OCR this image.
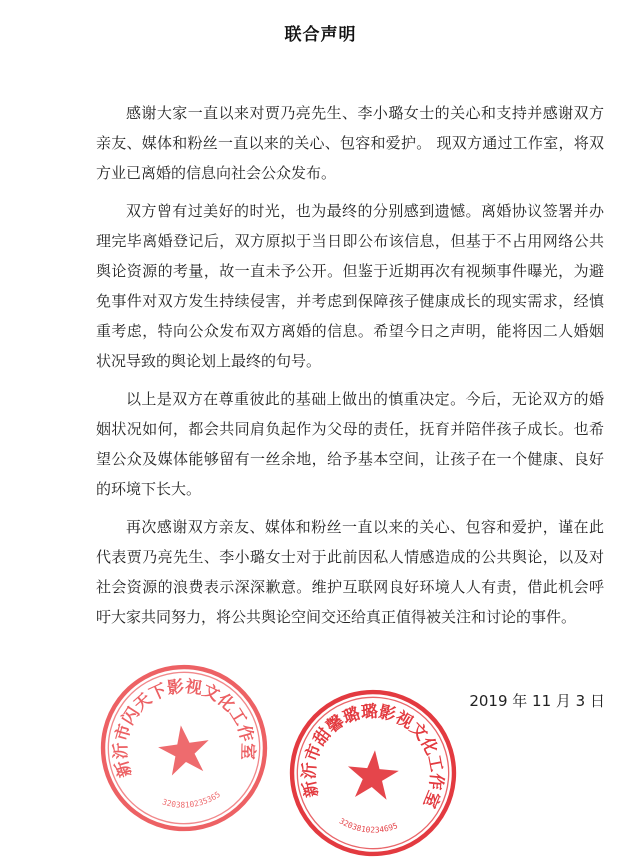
联合声明

感谢大家一直以来对贾乃亮先生、李小璐女士的关心和支持并感谢双方亲友、媒体和粉丝一直以来的关心、包容和爱护。 现双方通过工作室，将双方业已离婚的信息向社会公众发布。

双方曾有过美好的时光，也为最终的分别感到遗憾。离婚协议签署并办理完毕离婚登记后，双方原拟于当日即公布该信息，但基于不占用网络公共舆论资源的考量，故一直未予公开。但鉴于近期再次有视频事件曝光，为避免事件对双方发生持续侵害，并考虑到保障孩子健康成长的现实需求，经慎重考虑，特向公众发布双方离婚的信息。希望今日之声明，能将因二人婚姻状况导致的舆论划上最终的句号。

以上是双方在尊重彼此的基础上做出的慎重决定。今后，无论双方的婚姻状况如何，都会共同肩负起作为父母的责任，抚育并陪伴孩子成长。也希望公众及媒体能够留有一丝余地，给予基本空间，让孩子在一个健康、良好的环境下长大。

再次感谢双方亲友、媒体和粉丝一直以来的关心、包容和爱护，谨在此代表贾乃亮先生、李小璐女士对于此前因私人情感造成的公共舆论，以及对社会资源的浪费表示深深歉意。维护互联网良好环境人人有责，借此机会呼吁大家共同努力，将公共舆论空间交还给真正值得被关注和讨论的事件。

2019 年 11 月 3 日
新沂市闪天下影视文化工作室
3203810235365	新沂市甜馨璐璐影视文化工作室
3203810234695
